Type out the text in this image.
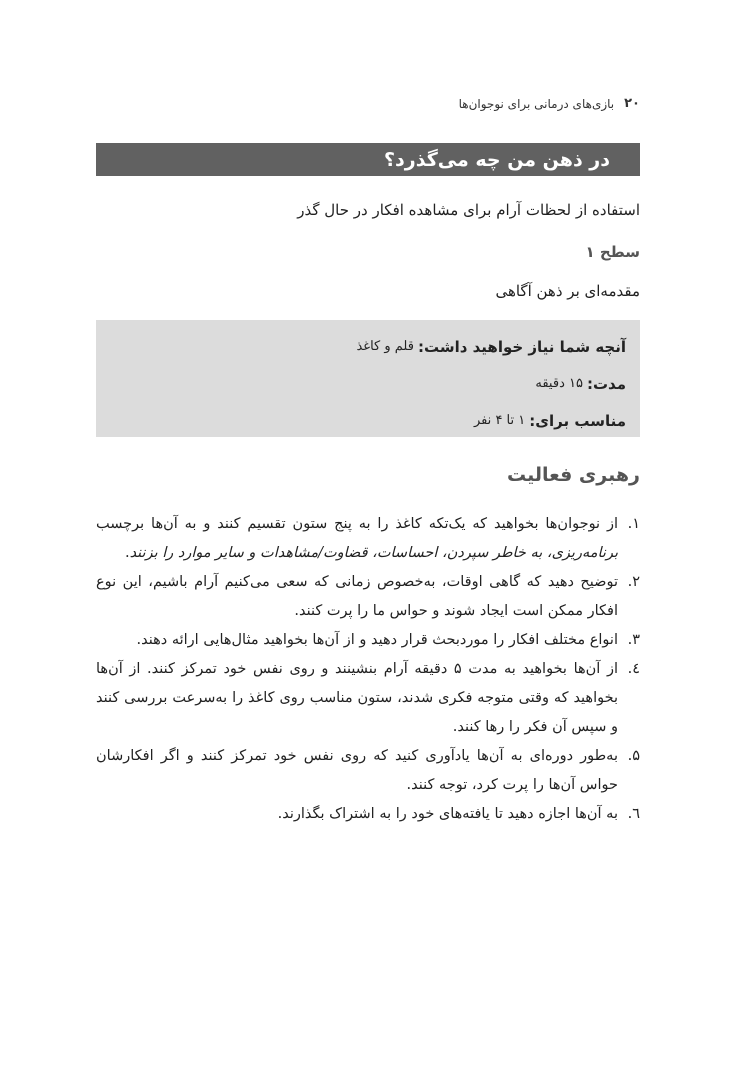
۲۰
بازی‌های درمانی برای نوجوان‌ها
در ذهن من چه می‌گذرد؟
استفاده از لحظات آرام برای مشاهده افکار در حال گذر
سطح ۱
مقدمه‌ای بر ذهن آگاهی
آنچه شما نیاز خواهید داشت:
قلم و کاغذ
مدت:
۱۵ دقیقه
مناسب برای:
۱ تا ۴ نفر
رهبری فعالیت
۱.
از نوجوان‌ها بخواهید که یک‌تکه کاغذ را به پنج ستون تقسیم کنند و به آن‌ها برچسب برنامه‌ریزی، به خاطر سپردن، احساسات، قضاوت/مشاهدات و سایر موارد را بزنند.
۲.
توضیح دهید که گاهی اوقات، به‌خصوص زمانی که سعی می‌کنیم آرام باشیم، این نوع افکار ممکن است ایجاد شوند و حواس ما را پرت کنند.
۳.
انواع مختلف افکار را موردبحث قرار دهید و از آن‌ها بخواهید مثال‌هایی ارائه دهند.
٤.
از آن‌ها بخواهید به مدت ۵ دقیقه آرام بنشینند و روی نفس خود تمرکز کنند. از آن‌ها بخواهید که وقتی متوجه فکری شدند، ستون مناسب روی کاغذ را به‌سرعت بررسی کنند و سپس آن فکر را رها کنند.
۵.
به‌طور دوره‌ای به آن‌ها یادآوری کنید که روی نفس خود تمرکز کنند و اگر افکارشان حواس آن‌ها را پرت کرد، توجه کنند.
٦.
به آن‌ها اجازه دهید تا یافته‌های خود را به اشتراک بگذارند.
